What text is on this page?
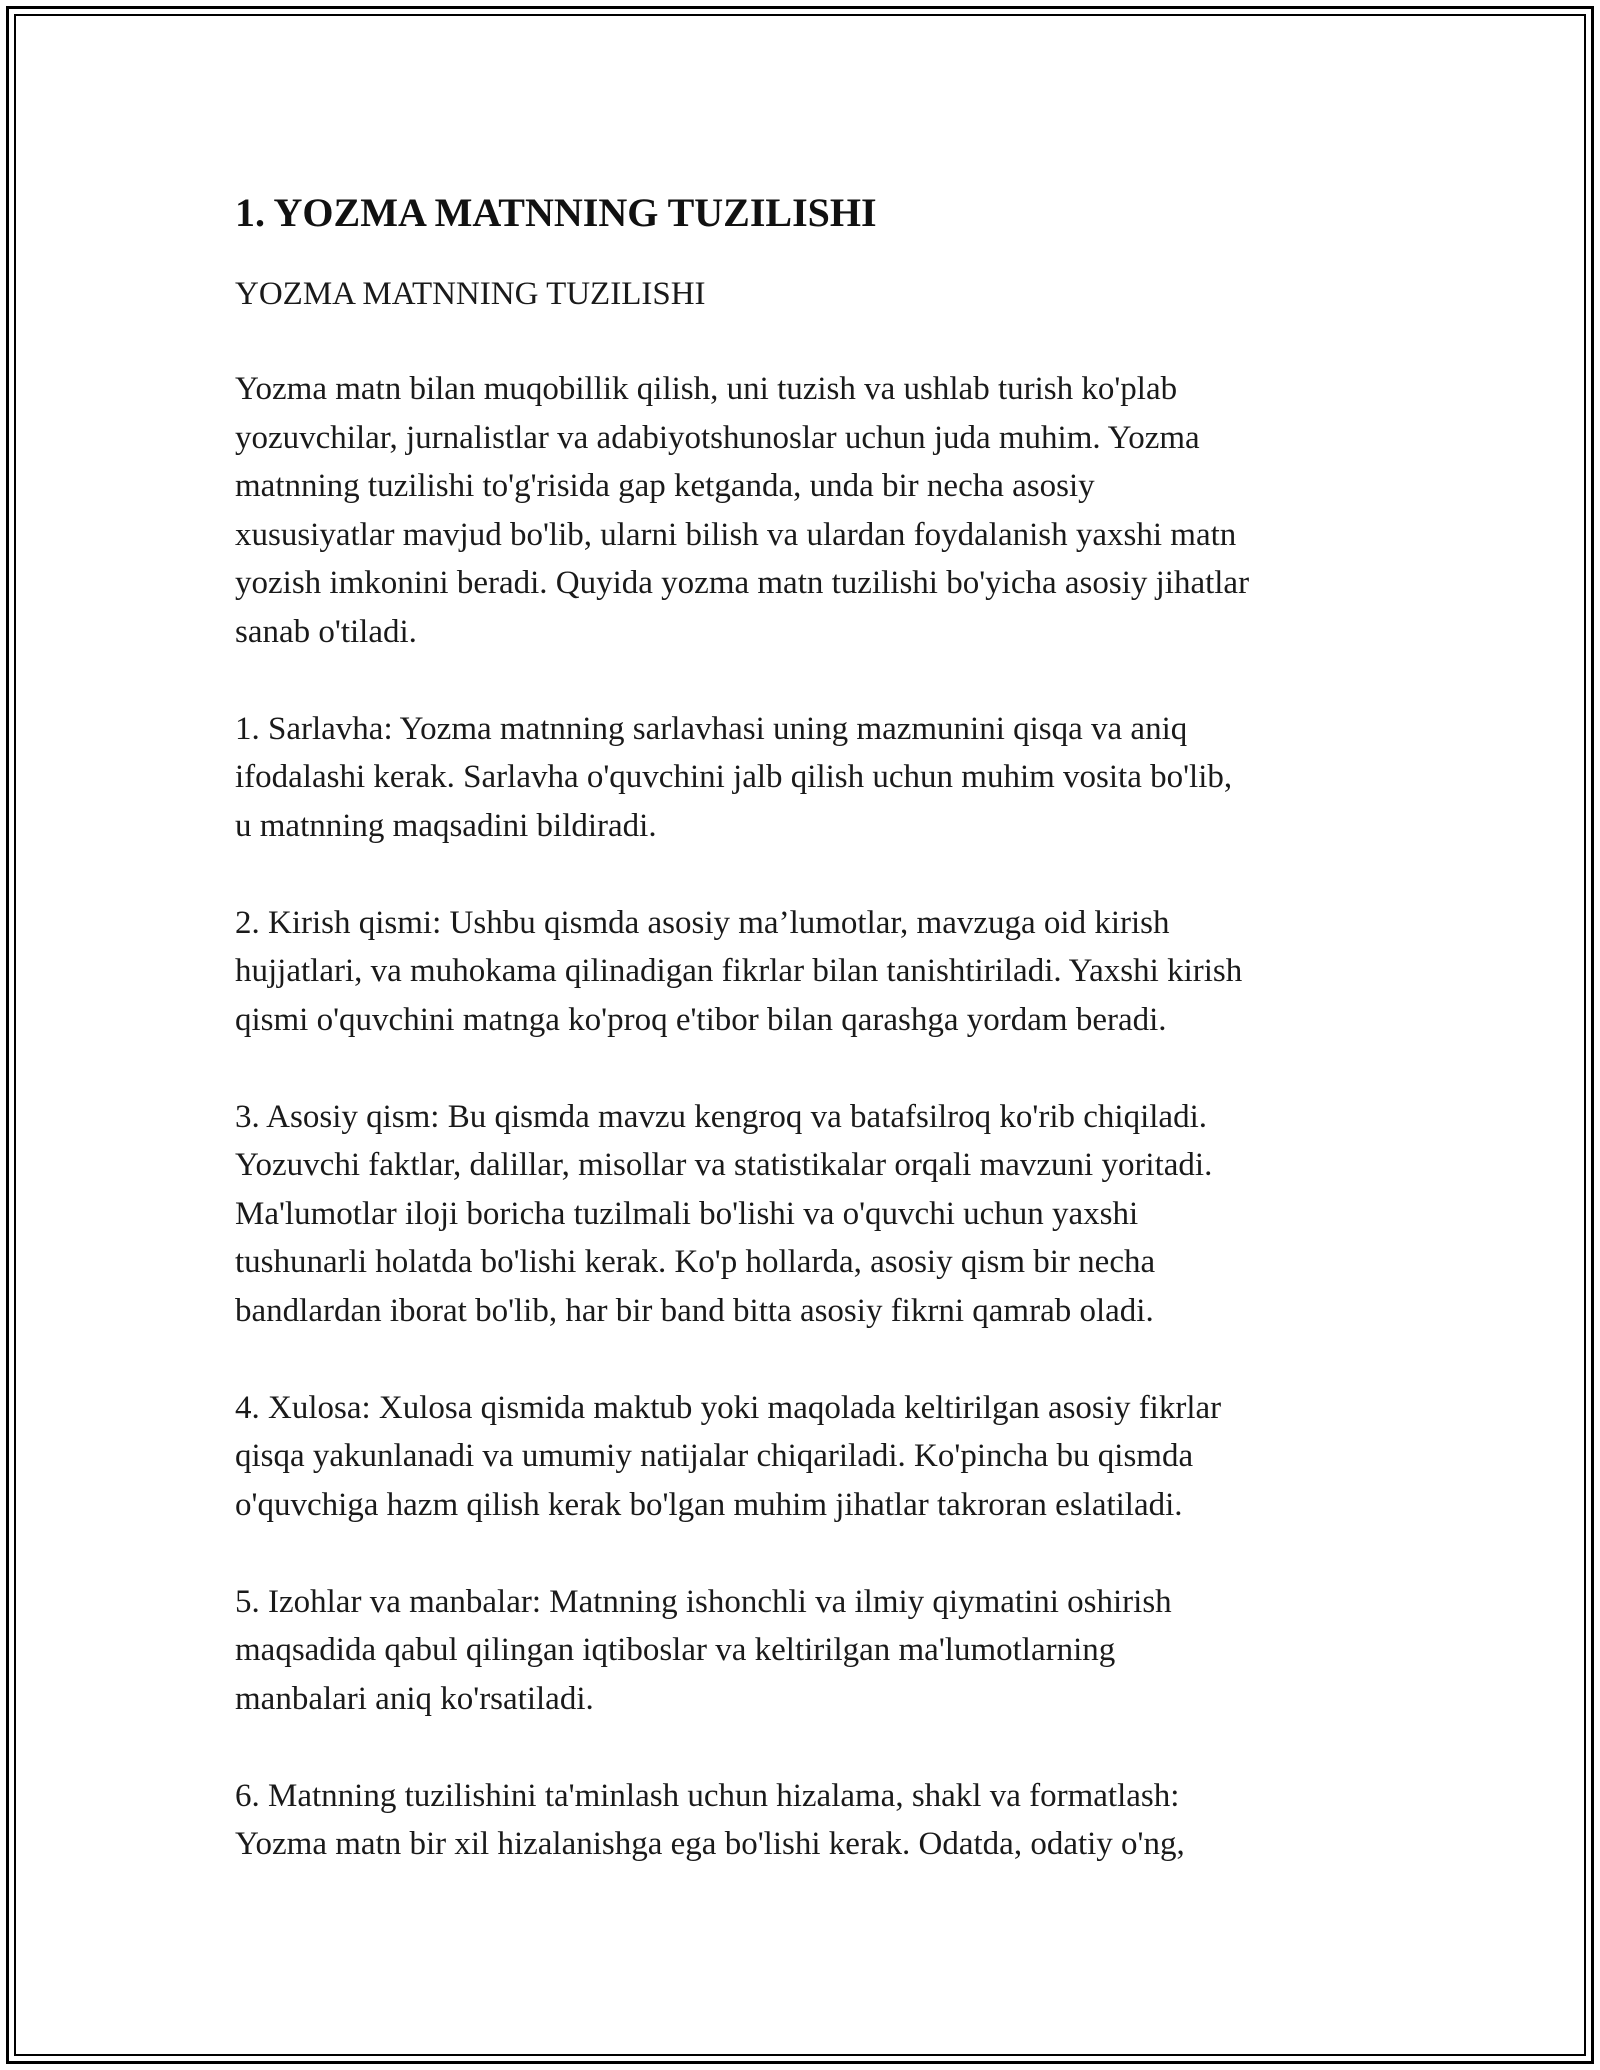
1. YOZMA MATNNING TUZILISHI
YOZMA MATNNING TUZILISHI

Yozma matn bilan muqobillik qilish, uni tuzish va ushlab turish ko'plab
yozuvchilar, jurnalistlar va adabiyotshunoslar uchun juda muhim. Yozma
matnning tuzilishi to'g'risida gap ketganda, unda bir necha asosiy
xususiyatlar mavjud bo'lib, ularni bilish va ulardan foydalanish yaxshi matn
yozish imkonini beradi. Quyida yozma matn tuzilishi bo'yicha asosiy jihatlar
sanab o'tiladi.

1. Sarlavha: Yozma matnning sarlavhasi uning mazmunini qisqa va aniq
ifodalashi kerak. Sarlavha o'quvchini jalb qilish uchun muhim vosita bo'lib,
u matnning maqsadini bildiradi.

2. Kirish qismi: Ushbu qismda asosiy ma’lumotlar, mavzuga oid kirish
hujjatlari, va muhokama qilinadigan fikrlar bilan tanishtiriladi. Yaxshi kirish
qismi o'quvchini matnga ko'proq e'tibor bilan qarashga yordam beradi.

3. Asosiy qism: Bu qismda mavzu kengroq va batafsilroq ko'rib chiqiladi.
Yozuvchi faktlar, dalillar, misollar va statistikalar orqali mavzuni yoritadi.
Ma'lumotlar iloji boricha tuzilmali bo'lishi va o'quvchi uchun yaxshi
tushunarli holatda bo'lishi kerak. Ko'p hollarda, asosiy qism bir necha
bandlardan iborat bo'lib, har bir band bitta asosiy fikrni qamrab oladi.

4. Xulosa: Xulosa qismida maktub yoki maqolada keltirilgan asosiy fikrlar
qisqa yakunlanadi va umumiy natijalar chiqariladi. Ko'pincha bu qismda
o'quvchiga hazm qilish kerak bo'lgan muhim jihatlar takroran eslatiladi.

5. Izohlar va manbalar: Matnning ishonchli va ilmiy qiymatini oshirish
maqsadida qabul qilingan iqtiboslar va keltirilgan ma'lumotlarning
manbalari aniq ko'rsatiladi.

6. Matnning tuzilishini ta'minlash uchun hizalama, shakl va formatlash:
Yozma matn bir xil hizalanishga ega bo'lishi kerak. Odatda, odatiy o'ng,
